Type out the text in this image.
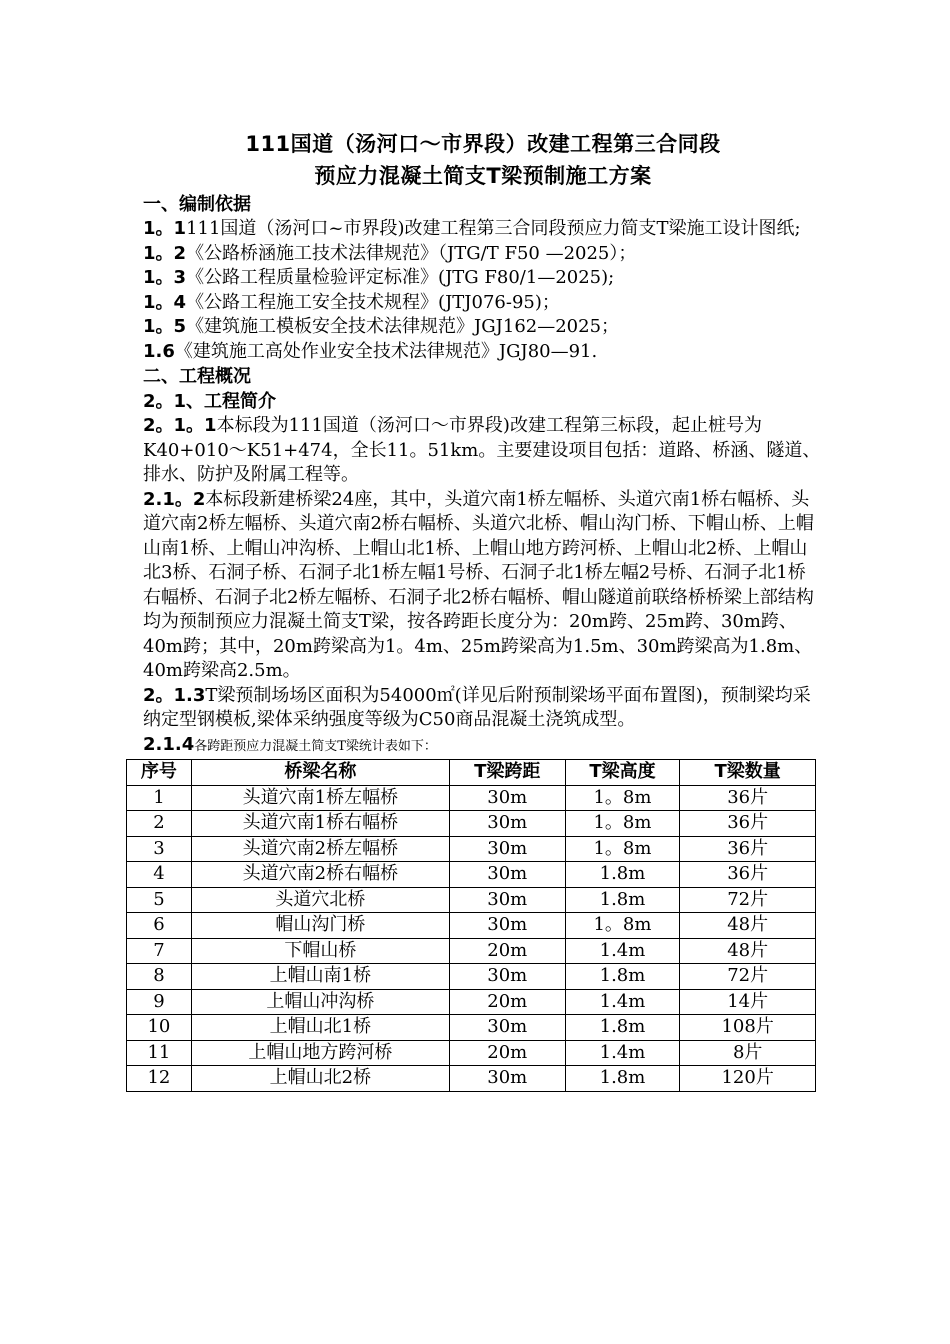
111国道（汤河口～市界段）改建工程第三合同段
预应力混凝土简支T梁预制施工方案
一、编制依据

1。1111国道（汤河口~市界段)改建工程第三合同段预应力简支T梁施工设计图纸;

1。2《公路桥涵施工技术法律规范》（JTG/T F50 —2025）；

1。3《公路工程质量检验评定标准》(JTG F80/1—2025);

1。4《公路工程施工安全技术规程》(JTJ076-95)；

1。5《建筑施工模板安全技术法律规范》JGJ162—2025；

1.6《建筑施工高处作业安全技术法律规范》JGJ80—91.

二、工程概况
2。1、工程简介

2。1。1本标段为111国道（汤河口～市界段)改建工程第三标段，起止桩号为K40+010～K51+474，全长11。51km。主要建设项目包括：道路、桥涵、隧道、排水、防护及附属工程等。

2.1。2本标段新建桥梁24座，其中，头道穴南1桥左幅桥、头道穴南1桥右幅桥、头道穴南2桥左幅桥、头道穴南2桥右幅桥、头道穴北桥、帽山沟门桥、下帽山桥、上帽山南1桥、上帽山冲沟桥、上帽山北1桥、上帽山地方跨河桥、上帽山北2桥、上帽山北3桥、石洞子桥、石洞子北1桥左幅1号桥、石洞子北1桥左幅2号桥、石洞子北1桥右幅桥、石洞子北2桥左幅桥、石洞子北2桥右幅桥、帽山隧道前联络桥桥梁上部结构均为预制预应力混凝土简支T梁，按各跨距长度分为：20m跨、25m跨、30m跨、40m跨；其中，20m跨梁高为1。4m、25m跨梁高为1.5m、30m跨梁高为1.8m、40m跨梁高2.5m。

2。1.3T梁预制场场区面积为54000㎡(详见后附预制梁场平面布置图)，预制梁均采纳定型钢模板,梁体采纳强度等级为C50商品混凝土浇筑成型。

2.1.4各跨距预应力混凝土简支T梁统计表如下：

序号	桥梁名称	T梁跨距	T梁高度	T梁数量
1	头道穴南1桥左幅桥	30m	1。8m	36片
2	头道穴南1桥右幅桥	30m	1。8m	36片
3	头道穴南2桥左幅桥	30m	1。8m	36片
4	头道穴南2桥右幅桥	30m	1.8m	36片
5	头道穴北桥	30m	1.8m	72片
6	帽山沟门桥	30m	1。8m	48片
7	下帽山桥	20m	1.4m	48片
8	上帽山南1桥	30m	1.8m	72片
9	上帽山冲沟桥	20m	1.4m	14片
10	上帽山北1桥	30m	1.8m	108片
11	上帽山地方跨河桥	20m	1.4m	8片
12	上帽山北2桥	30m	1.8m	120片
